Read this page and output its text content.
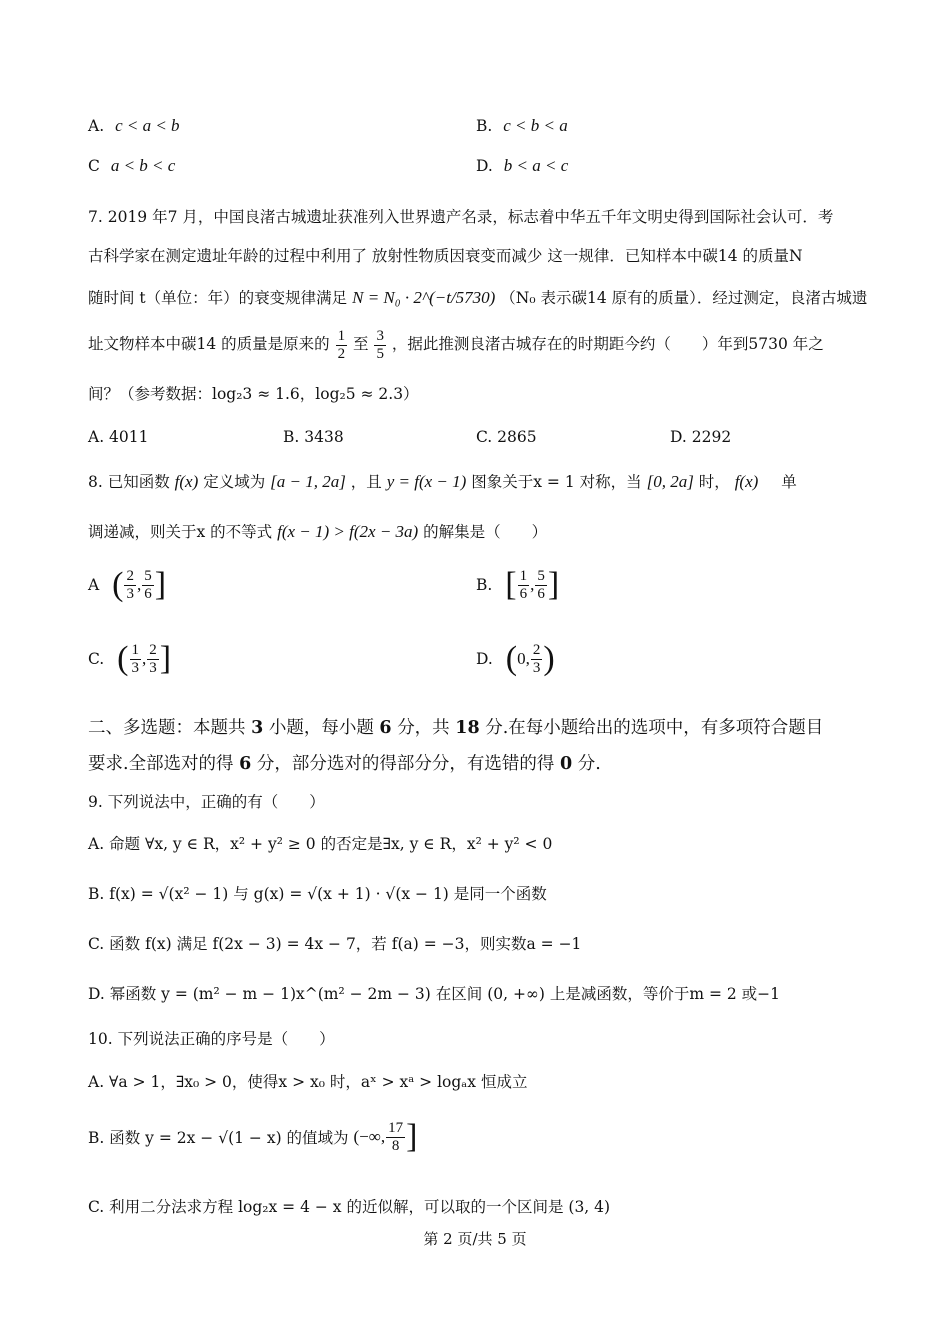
A. c < a < b	B. c < b < a
C a < b < c	D. b < a < c
7. 2019 年7 月，中国良渚古城遗址获准列入世界遗产名录，标志着中华五千年文明史得到国际社会认可．考
古科学家在测定遗址年龄的过程中利用了 放射性物质因衰变而减少 这一规律．已知样本中碳14 的质量N
随时间 t（单位：年）的衰变规律满足 N = N₀ · 2^(−t/5730) （N₀ 表示碳14 原有的质量）．经过测定，良渚古城遗
址文物样本中碳14 的质量是原来的 $\frac{1}{2}$ 至 $\frac{3}{5}$ ，据此推测良渚古城存在的时期距今约（　　）年到5730 年之
间？（参考数据：log₂3 ≈ 1.6，log₂5 ≈ 2.3）
A. 4011	B. 3438	C. 2865	D. 2292
8. 已知函数 f(x) 定义域为 [a − 1, 2a] ，且 y = f(x − 1) 图象关于x = 1 对称，当 [0, 2a] 时， f(x) 单
调递减，则关于x 的不等式 f(x − 1) > f(2x − 3a) 的解集是（　　）
A ( $\frac{2}{3}$ , $\frac{5}{6}$ ]	B. [ $\frac{1}{6}$ , $\frac{5}{6}$ ]
C. ( $\frac{1}{3}$ , $\frac{2}{3}$ ]	D. (0, $\frac{2}{3}$ )
二、多选题：本题共 3 小题，每小题 6 分，共 18 分.在每小题给出的选项中，有多项符合题目
要求.全部选对的得 6 分，部分选对的得部分分，有选错的得 0 分.
9. 下列说法中，正确的有（　　）
A. 命题 ∀x, y ∈ R，x² + y² ≥ 0 的否定是∃x, y ∈ R，x² + y² < 0
B. f(x) = √(x² − 1) 与 g(x) = √(x + 1) · √(x − 1) 是同一个函数
C. 函数 f(x) 满足 f(2x − 3) = 4x − 7，若 f(a) = −3，则实数a = −1
D. 幂函数 y = (m² − m − 1)x^(m² − 2m − 3) 在区间 (0, +∞) 上是减函数，等价于m = 2 或−1
10. 下列说法正确的序号是（　　）
A. ∀a > 1，∃x₀ > 0，使得x > x₀ 时，aˣ > xᵃ > logₐx 恒成立
B. 函数 y = 2x − √(1 − x) 的值域为 (−∞, $\frac{17}{8}$ ]
C. 利用二分法求方程 log₂x = 4 − x 的近似解，可以取的一个区间是 (3, 4)
第 2 页/共 5 页
